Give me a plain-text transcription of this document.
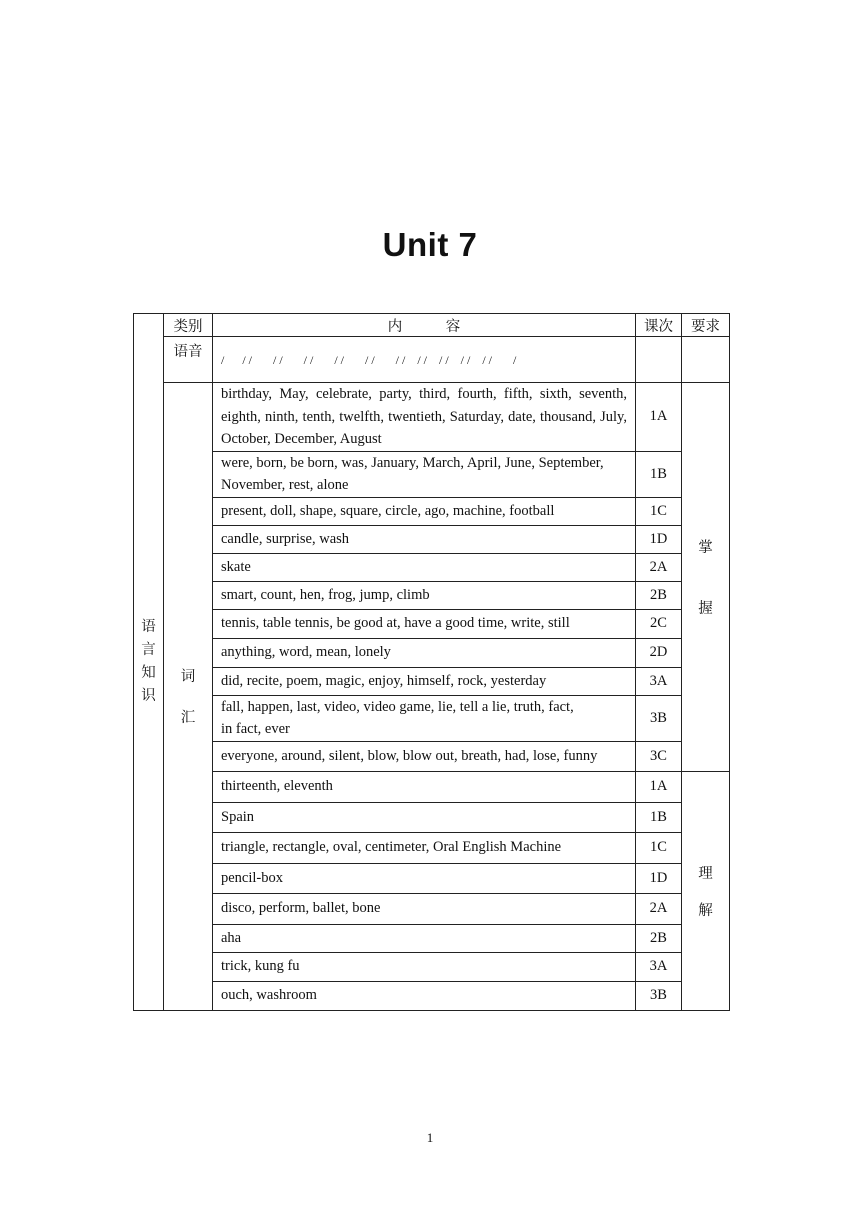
Unit 7
语
言
知
识	类别	内　　　容	课次	要求
	语音	/      / /       / /       / /       / /       / /       / /    / /    / /    / /    / /       /		

	词
汇	birthday, May, celebrate, party, third, fourth, fifth, sixth, seventh, eighth, ninth, tenth, twelfth, twentieth, Saturday, date, thousand, July, October, December, August	1A	掌
握

		were, born, be born, was, January, March, April, June, September, November, rest, alone	1B	
		present, doll, shape, square, circle, ago, machine, football	1C	
		candle, surprise, wash	1D	
		skate	2A	
		smart, count, hen, frog, jump, climb	2B	
		tennis, table tennis, be good at, have a good time, write, still	2C	
		anything, word, mean, lonely	2D	
		did, recite, poem, magic, enjoy, himself, rock, yesterday	3A	

		fall, happen, last, video, video game, lie, tell a lie, truth, fact,
in fact, ever	3B	
		everyone, around, silent, blow, blow out, breath, had, lose, funny	3C	
		thirteenth, eleventh	1A	理
解

		Spain	1B	
		triangle, rectangle, oval, centimeter, Oral English Machine	1C	
		pencil-box	1D	
		disco, perform, ballet, bone	2A	
		aha	2B	
		trick, kung fu	3A	
		ouch, washroom	3B	
1
